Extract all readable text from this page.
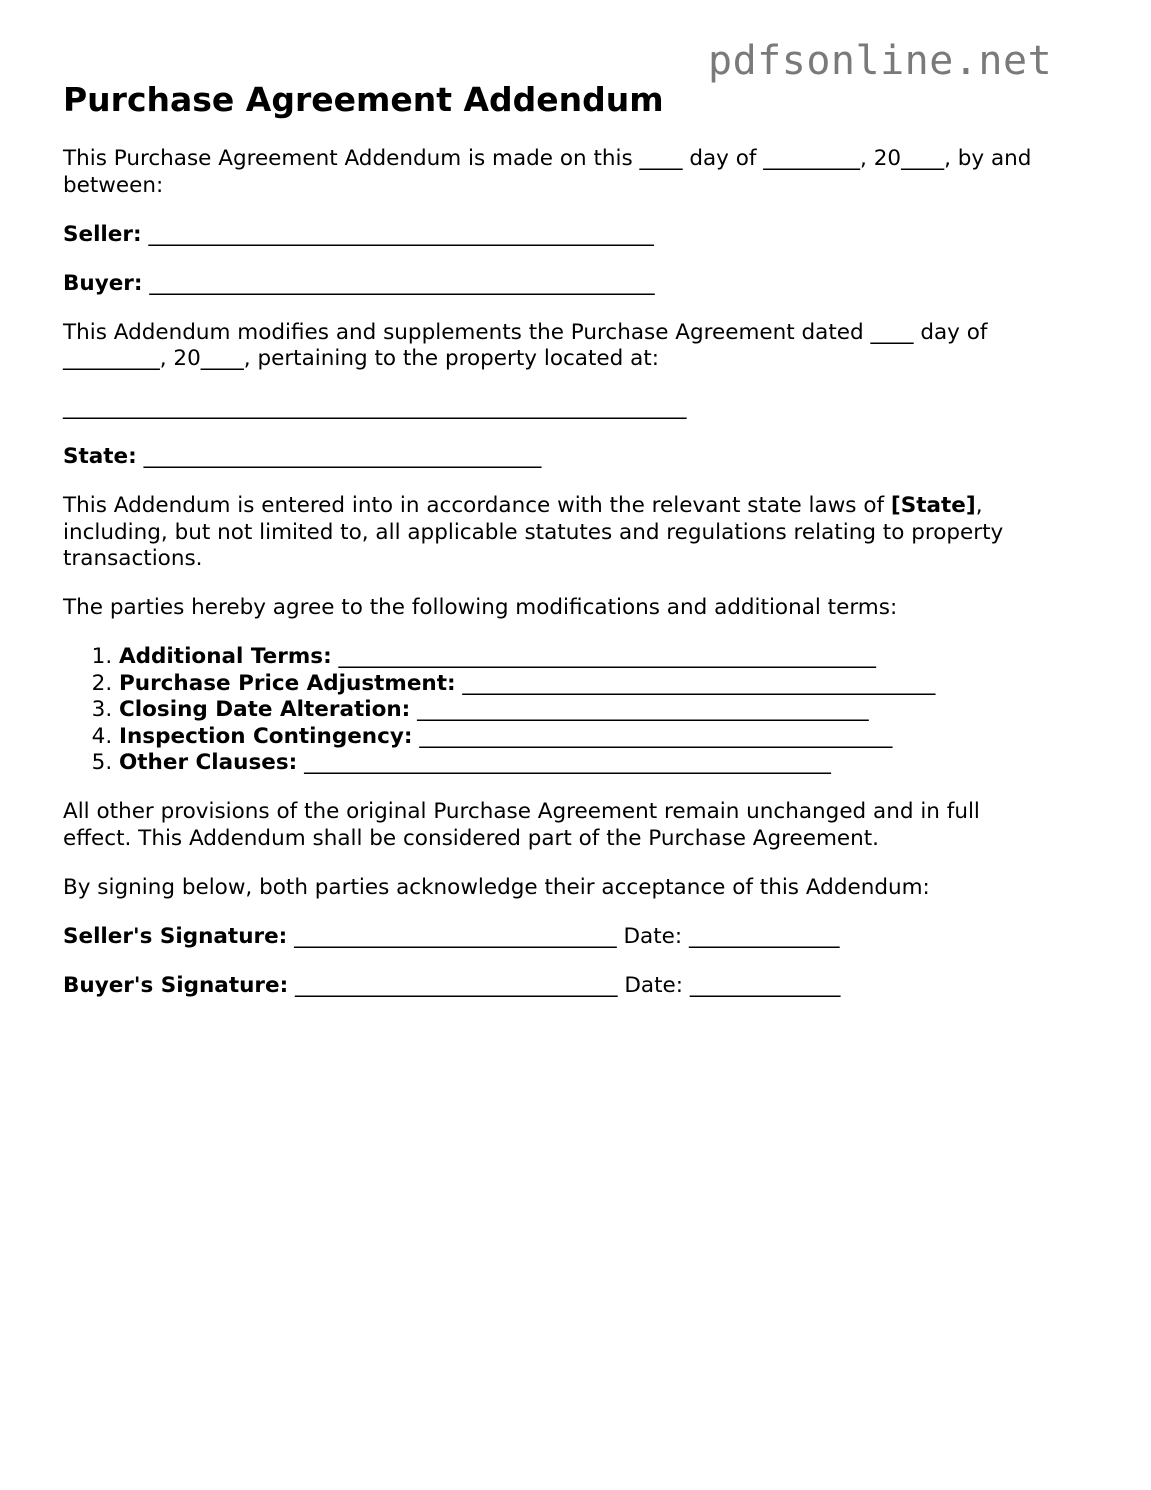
pdfsonline.net
Purchase Agreement Addendum

This Purchase Agreement Addendum is made on this ____ day of _________, 20____, by and between:

Seller: _______________________________________________

Buyer: _______________________________________________

This Addendum modifies and supplements the Purchase Agreement dated ____ day of _________, 20____, pertaining to the property located at:

__________________________________________________________

State: _____________________________________

This Addendum is entered into in accordance with the relevant state laws of [State], including, but not limited to, all applicable statutes and regulations relating to property transactions.

The parties hereby agree to the following modifications and additional terms:

1. Additional Terms: __________________________________________________
2. Purchase Price Adjustment: ____________________________________________
3. Closing Date Alteration: __________________________________________
4. Inspection Contingency: ____________________________________________
5. Other Clauses: _________________________________________________

All other provisions of the original Purchase Agreement remain unchanged and in full effect. This Addendum shall be considered part of the Purchase Agreement.

By signing below, both parties acknowledge their acceptance of this Addendum:

Seller's Signature: ______________________________ Date: ______________

Buyer's Signature: ______________________________ Date: ______________
